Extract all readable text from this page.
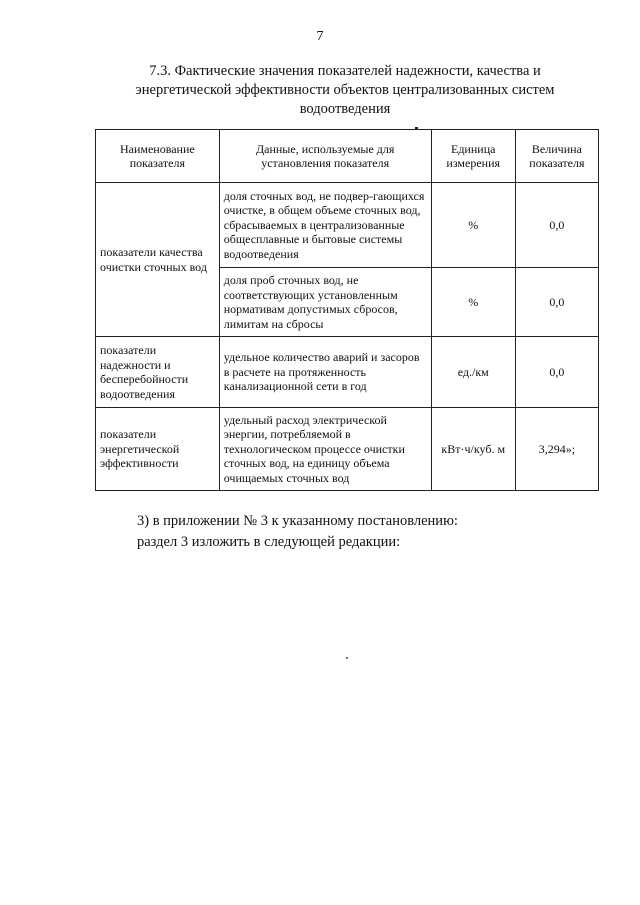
7
7.3. Фактические значения показателей надежности, качества и
энергетической эффективности объектов централизованных систем
водоотведения
Наименование показателя	Данные, используемые для установления показателя	Единица измерения	Величина показателя
показатели качества очистки сточных вод	доля сточных вод, не подвер-гающихся очистке, в общем объеме сточных вод, сбрасываемых в централизованные общесплавные и бытовые системы водоотведения	%	0,0
	доля проб сточных вод, не соответствующих установленным нормативам допустимых сбросов, лимитам на сбросы	%	0,0
показатели надежности и бесперебойности водоотведения	удельное количество аварий и засоров в расчете на протяженность канализационной сети в год	ед./км	0,0
показатели энергетической эффективности	удельный расход электрической энергии, потребляемой в технологическом процессе очистки сточных вод, на единицу объема очищаемых сточных вод	кВт·ч/куб. м	3,294»;
3) в приложении № 3 к указанному постановлению:
раздел 3 изложить в следующей редакции:
